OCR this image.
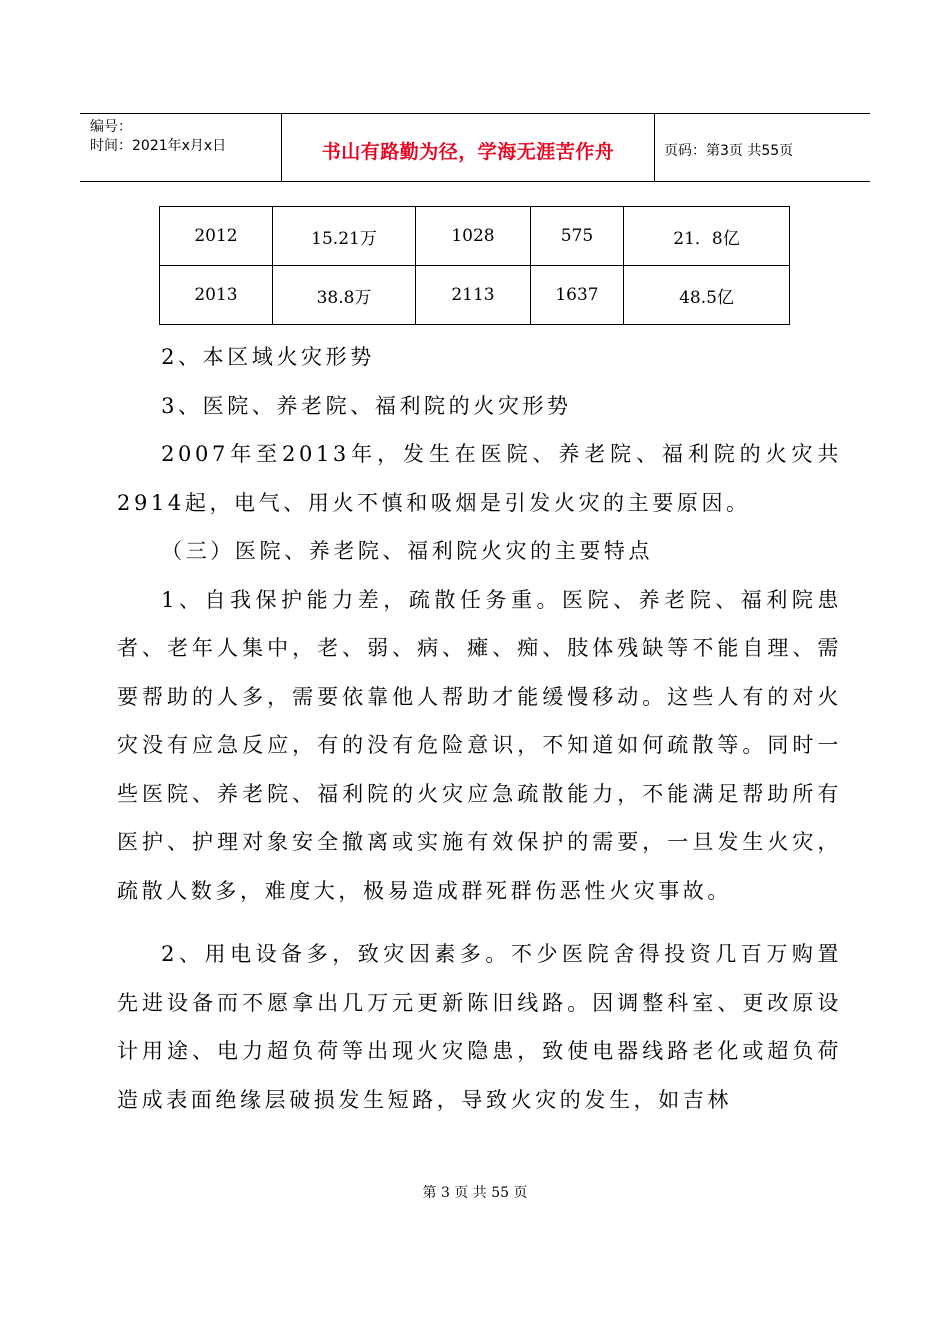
编号：
时间：2021年x月x日	书山有路勤为径，学海无涯苦作舟	页码：第3页 共55页
2012	15.21万	1028	575	21．8亿
2013	38.8万	2113	1637	48.5亿

2、本区域火灾形势

3、医院、养老院、福利院的火灾形势

2007年至2013年，发生在医院、养老院、福利院的火灾共2914起，电气、用火不慎和吸烟是引发火灾的主要原因。

（三）医院、养老院、福利院火灾的主要特点

1、自我保护能力差，疏散任务重。医院、养老院、福利院患者、老年人集中，老、弱、病、瘫、痴、肢体残缺等不能自理、需要帮助的人多，需要依靠他人帮助才能缓慢移动。这些人有的对火灾没有应急反应，有的没有危险意识，不知道如何疏散等。同时一些医院、养老院、福利院的火灾应急疏散能力，不能满足帮助所有医护、护理对象安全撤离或实施有效保护的需要，一旦发生火灾，疏散人数多，难度大，极易造成群死群伤恶性火灾事故。

2、用电设备多，致灾因素多。不少医院舍得投资几百万购置先进设备而不愿拿出几万元更新陈旧线路。因调整科室、更改原设计用途、电力超负荷等出现火灾隐患，致使电器线路老化或超负荷造成表面绝缘层破损发生短路，导致火灾的发生，如吉林

第 3 页 共 55 页
